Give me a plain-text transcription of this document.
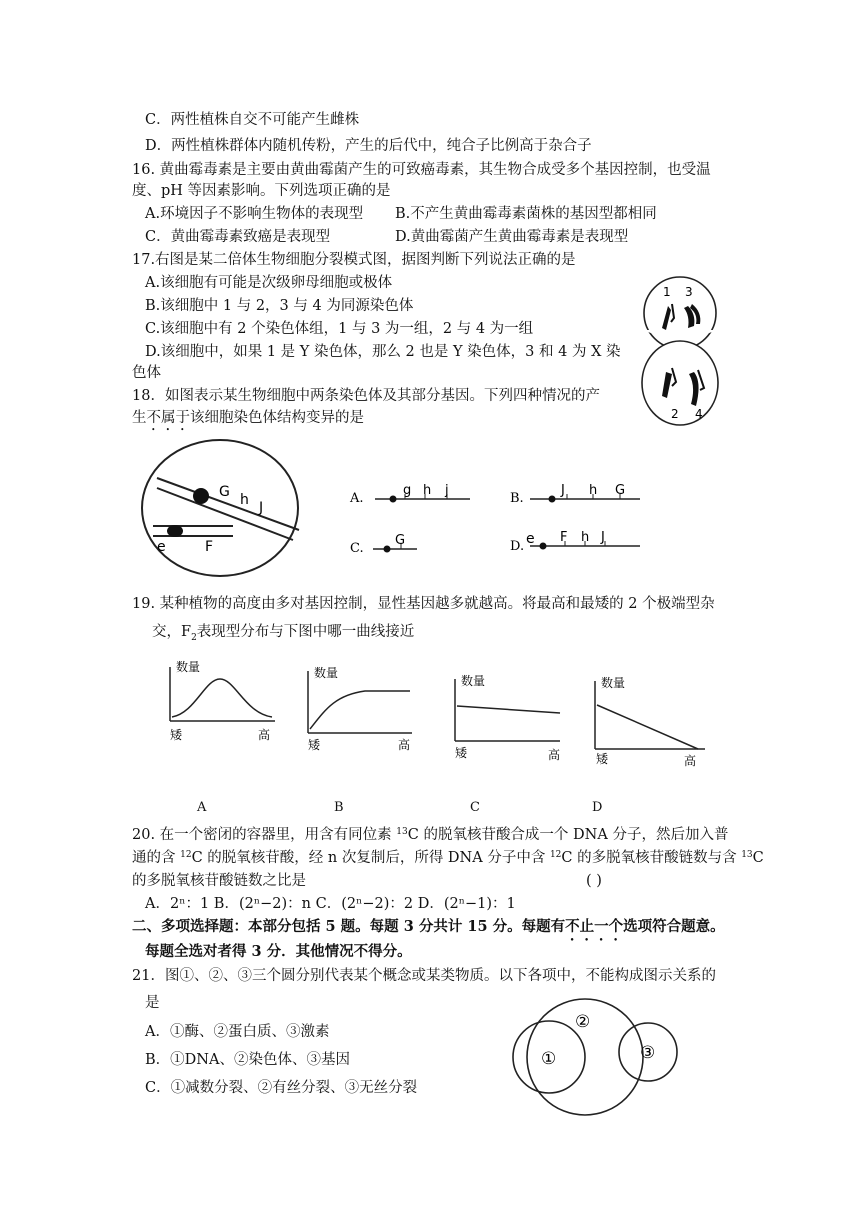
C．两性植株自交不可能产生雌株
D．两性植株群体内随机传粉，产生的后代中，纯合子比例高于杂合子
16. 黄曲霉毒素是主要由黄曲霉菌产生的可致癌毒素，其生物合成受多个基因控制，也受温
度、pH 等因素影响。下列选项正确的是
A.环境因子不影响生物体的表现型 B.不产生黄曲霉毒素菌株的基因型都相同
C．黄曲霉毒素致癌是表现型	D.黄曲霉菌产生黄曲霉毒素是表现型
17.右图是某二倍体生物细胞分裂模式图，据图判断下列说法正确的是
A.该细胞有可能是次级卵母细胞或极体
B.该细胞中 1 与 2，3 与 4 为同源染色体
C.该细胞中有 2 个染色体组，1 与 3 为一组，2 与 4 为一组
D.该细胞中，如果 1 是 Y 染色体，那么 2 也是 Y 染色体，3 和 4 为 X 染
色体
18．如图表示某生物细胞中两条染色体及其部分基因。下列四种情况的产
生不属于该细胞染色体结构变异的是
19. 某种植物的高度由多对基因控制，显性基因越多就越高。将最高和最矮的 2 个极端型杂
交，$F_2$表现型分布与下图中哪一曲线接近
20. 在一个密闭的容器里，用含有同位素 $^{13}$C 的脱氧核苷酸合成一个 DNA 分子，然后加入普
通的含 $^{12}$C 的脱氧核苷酸，经 n 次复制后，所得 DNA 分子中含 $^{12}$C 的多脱氧核苷酸链数与含 $^{13}$C
的多脱氧核苷酸链数之比是	( )
A．2ⁿ：1 B．(2ⁿ−2)：n C．(2ⁿ−2)：2 D．(2ⁿ−1)：1
二、多项选择题：本部分包括 5 题。每题 3 分共计 15 分。每题有不止一个选项符合题意。
每题全选对者得 3 分．其他情况不得分。
21．图①、②、③三个圆分别代表某个概念或某类物质。以下各项中，不能构成图示关系的
是
A．①酶、②蛋白质、③激素
B．①DNA、②染色体、③基因
C．①减数分裂、②有丝分裂、③无丝分裂
1 3
2 4
G h J
e	F
A.
g h j
B.
J h G
C.
G	D. e F h J
数量
矮	高
数量
矮	高
数量
矮	高
数量
矮	高
A	B	C	D
①
②
③
